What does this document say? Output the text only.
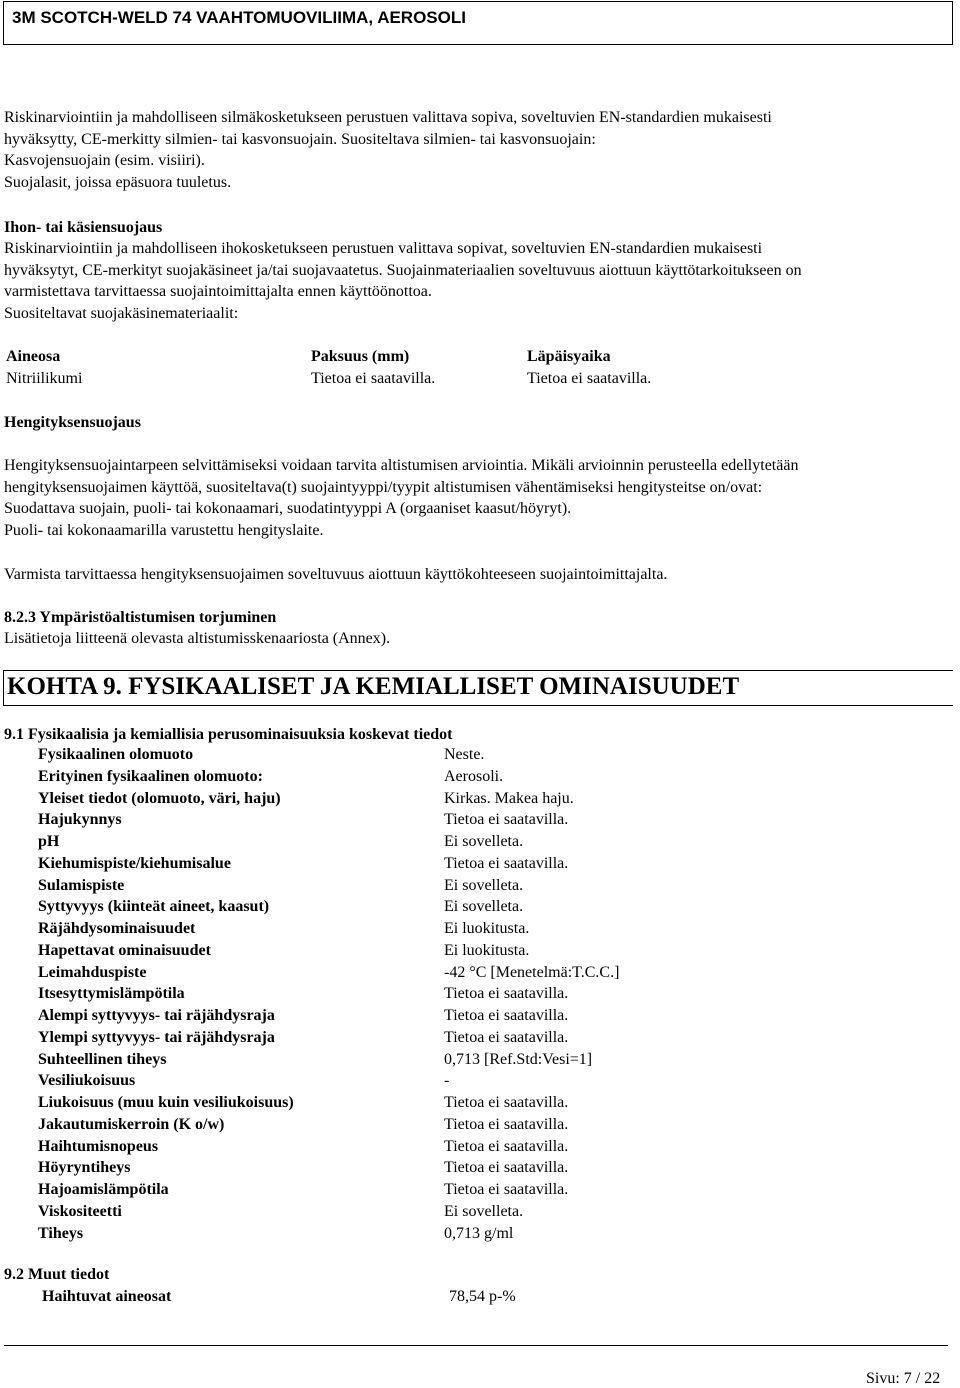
3M SCOTCH-WELD 74 VAAHTOMUOVILIIMA, AEROSOLI
Riskinarviointiin ja mahdolliseen silmäkosketukseen perustuen valittava sopiva, soveltuvien EN-standardien mukaisesti
hyväksytty, CE-merkitty silmien- tai kasvonsuojain. Suositeltava silmien- tai kasvonsuojain:
Kasvojensuojain (esim. visiiri).
Suojalasit, joissa epäsuora tuuletus.
Ihon- tai käsiensuojaus
Riskinarviointiin ja mahdolliseen ihokosketukseen perustuen valittava sopivat, soveltuvien EN-standardien mukaisesti
hyväksytyt, CE-merkityt suojakäsineet ja/tai suojavaatetus. Suojainmateriaalien soveltuvuus aiottuun käyttötarkoitukseen on
varmistettava tarvittaessa suojaintoimittajalta ennen käyttöönottoa.
Suositeltavat suojakäsinemateriaalit:
Aineosa	Paksuus (mm)	Läpäisyaika
Nitriilikumi	Tietoa ei saatavilla.	Tietoa ei saatavilla.
Hengityksensuojaus
Hengityksensuojaintarpeen selvittämiseksi voidaan tarvita altistumisen arviointia. Mikäli arvioinnin perusteella edellytetään
hengityksensuojaimen käyttöä, suositeltava(t) suojaintyyppi/tyypit altistumisen vähentämiseksi hengitysteitse on/ovat:
Suodattava suojain, puoli- tai kokonaamari, suodatintyyppi A (orgaaniset kaasut/höyryt).
Puoli- tai kokonaamarilla varustettu hengityslaite.
Varmista tarvittaessa hengityksensuojaimen soveltuvuus aiottuun käyttökohteeseen suojaintoimittajalta.
8.2.3 Ympäristöaltistumisen torjuminen
Lisätietoja liitteenä olevasta altistumisskenaariosta (Annex).
KOHTA 9. FYSIKAALISET JA KEMIALLISET OMINAISUUDET
9.1 Fysikaalisia ja kemiallisia perusominaisuuksia koskevat tiedot
Fysikaalinen olomuoto	Neste.
Erityinen fysikaalinen olomuoto:	Aerosoli.
Yleiset tiedot (olomuoto, väri, haju)	Kirkas. Makea haju.
Hajukynnys	Tietoa ei saatavilla.
pH	Ei sovelleta.
Kiehumispiste/kiehumisalue	Tietoa ei saatavilla.
Sulamispiste	Ei sovelleta.
Syttyvyys (kiinteät aineet, kaasut)	Ei sovelleta.
Räjähdysominaisuudet	Ei luokitusta.
Hapettavat ominaisuudet	Ei luokitusta.
Leimahduspiste	-42 °C [Menetelmä:T.C.C.]
Itsesyttymislämpötila	Tietoa ei saatavilla.
Alempi syttyvyys- tai räjähdysraja	Tietoa ei saatavilla.
Ylempi syttyvyys- tai räjähdysraja	Tietoa ei saatavilla.
Suhteellinen tiheys	0,713 [Ref.Std:Vesi=1]
Vesiliukoisuus	-
Liukoisuus (muu kuin vesiliukoisuus)	Tietoa ei saatavilla.
Jakautumiskerroin (K o/w)	Tietoa ei saatavilla.
Haihtumisnopeus	Tietoa ei saatavilla.
Höyryntiheys	Tietoa ei saatavilla.
Hajoamislämpötila	Tietoa ei saatavilla.
Viskositeetti	Ei sovelleta.
Tiheys	0,713 g/ml
9.2 Muut tiedot
Haihtuvat aineosat	78,54 p-%
Sivu: 7 / 22
